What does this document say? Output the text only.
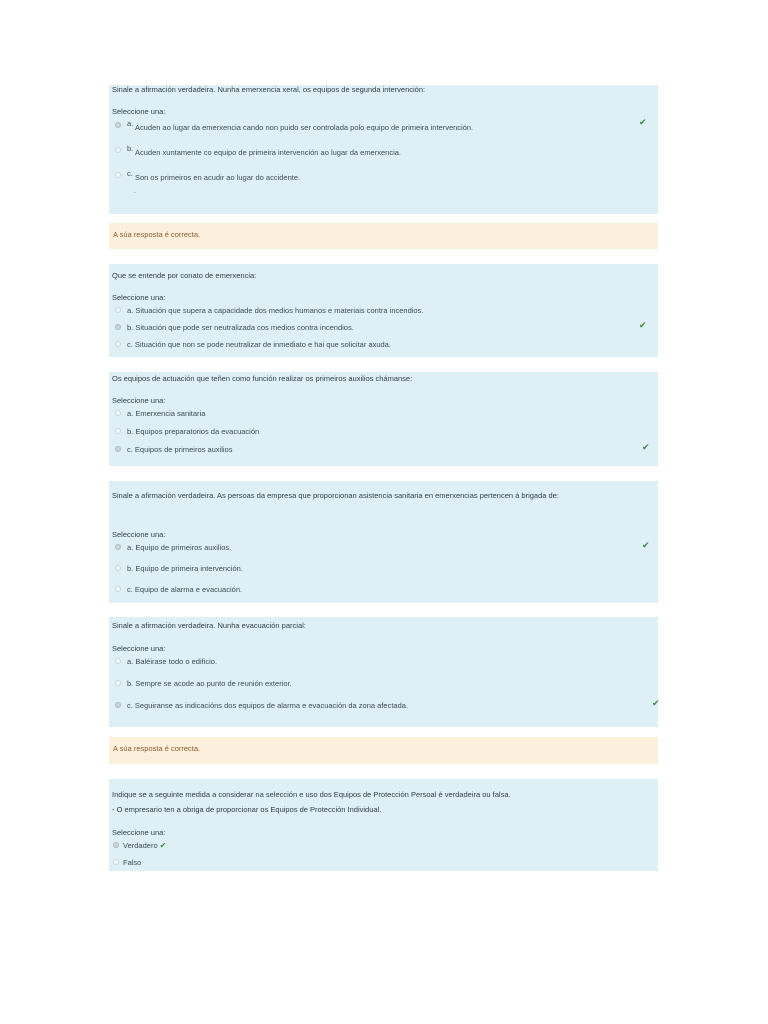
Sinale a afirmación verdadeira. Nunha emerxencia xeral, os equipos de segunda intervención:
Seleccione una:
a. Acuden ao lugar da emerxencia cando non puido ser controlada polo equipo de primeira intervención.
✔
b. Acuden xuntamente co equipo de primeira intervención ao lugar da emerxencia.
c. Son os primeiros en acudir ao lugar do accidente.
.
A súa resposta é correcta.
Que se entende por conato de emerxencia:
Seleccione una:
a. Situación que supera a capacidade dos medios humanos e materiais contra incendios.
b. Situación que pode ser neutralizada cos medios contra incendios.	✔
c. Situación que non se pode neutralizar de inmediato e hai que solicitar axuda.
Os equipos de actuación que teñen como función realizar os primeiros auxilios chámanse:
Seleccione una:
a. Emerxencia sanitaria
b. Equipos preparatorios da evacuación
c. Equipos de primeiros auxilios	✔
Sinale a afirmación verdadeira. As persoas da empresa que proporcionan asistencia sanitaria en emerxencias pertencen á brigada de:
Seleccione una:
a. Equipo de primeiros auxilios.	✔
b. Equipo de primeira intervención.
c. Equipo de alarma e evacuación.
Sinale a afirmación verdadeira. Nunha evacuación parcial:
Seleccione una:
a. Baléirase todo o edificio.
b. Sempre se acode ao punto de reunión exterior.
c. Seguiranse as indicacións dos equipos de alarma e evacuación da zona afectada.	✔
A súa resposta é correcta.
Indique se a seguinte medida a considerar na selección e uso dos Equipos de Protección Persoal é verdadeira ou falsa.
- O empresario ten a obriga de proporcionar os Equipos de Protección Individual.
Seleccione una:
Verdadero ✔
Falso
